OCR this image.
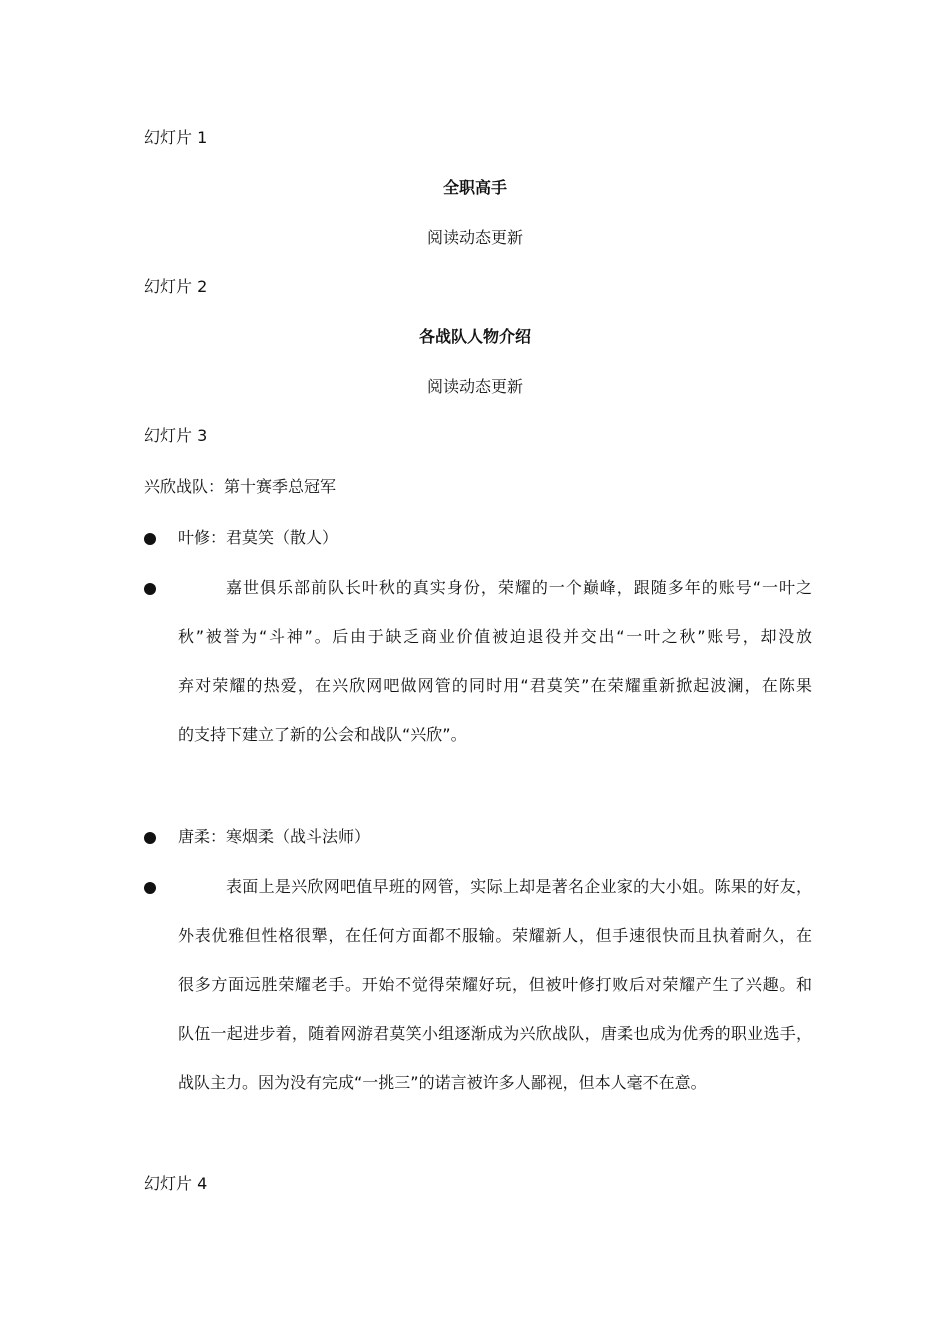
幻灯片 1
全职高手
阅读动态更新
幻灯片 2
各战队人物介绍
阅读动态更新
幻灯片 3
兴欣战队：第十赛季总冠军
叶修：君莫笑（散人）
嘉世俱乐部前队长叶秋的真实身份，荣耀的一个巅峰，跟随多年的账号“一叶之
秋”被誉为“斗神”。后由于缺乏商业价值被迫退役并交出“一叶之秋”账号，却没放
弃对荣耀的热爱，在兴欣网吧做网管的同时用“君莫笑”在荣耀重新掀起波澜，在陈果
的支持下建立了新的公会和战队“兴欣”。
唐柔：寒烟柔（战斗法师）
表面上是兴欣网吧值早班的网管，实际上却是著名企业家的大小姐。陈果的好友，
外表优雅但性格很犟，在任何方面都不服输。荣耀新人，但手速很快而且执着耐久，在
很多方面远胜荣耀老手。开始不觉得荣耀好玩，但被叶修打败后对荣耀产生了兴趣。和
队伍一起进步着，随着网游君莫笑小组逐渐成为兴欣战队，唐柔也成为优秀的职业选手，
战队主力。因为没有完成“一挑三”的诺言被许多人鄙视，但本人毫不在意。
幻灯片 4
